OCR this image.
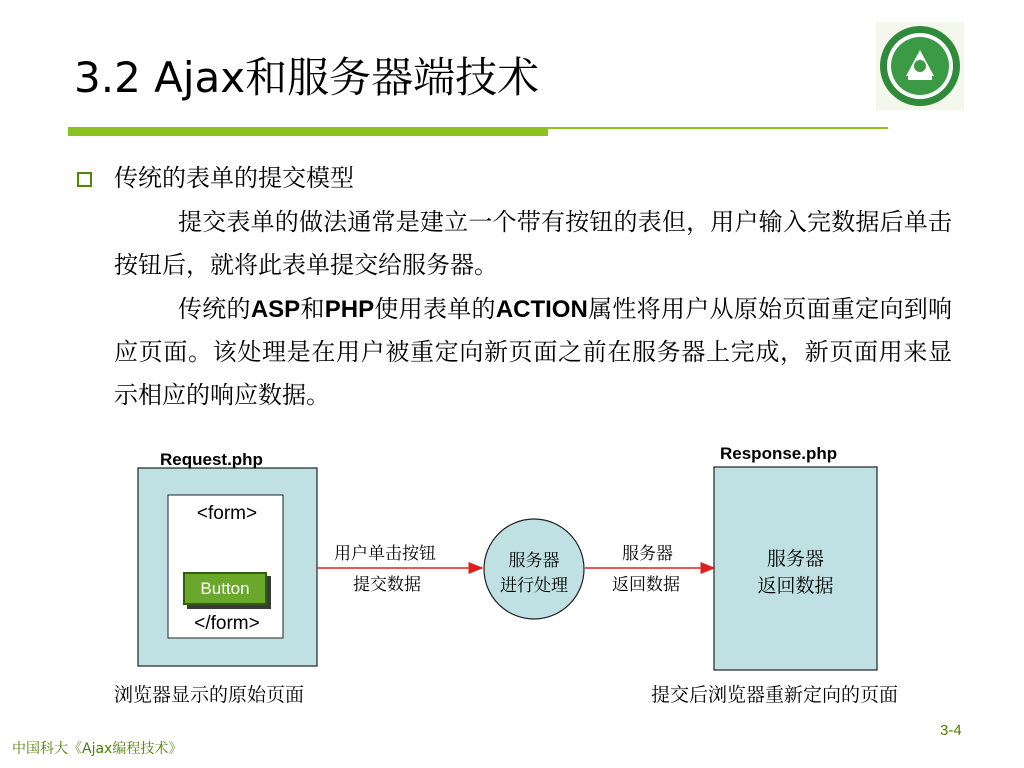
3.2 Ajax和服务器端技术
传统的表单的提交模型
提交表单的做法通常是建立一个带有按钮的表但，用户输入完数据后单击按钮后，就将此表单提交给服务器。
传统的ASP和PHP使用表单的ACTION属性将用户从原始页面重定向到响应页面。该处理是在用户被重定向新页面之前在服务器上完成，新页面用来显示相应的响应数据。
Request.php	Response.php
<form>
Button
</form>
用户单击按钮
提交数据
服务器
进行处理
服务器
返回数据
服务器
返回数据
浏览器显示的原始页面	提交后浏览器重新定向的页面
3-4
中国科大《Ajax编程技术》
